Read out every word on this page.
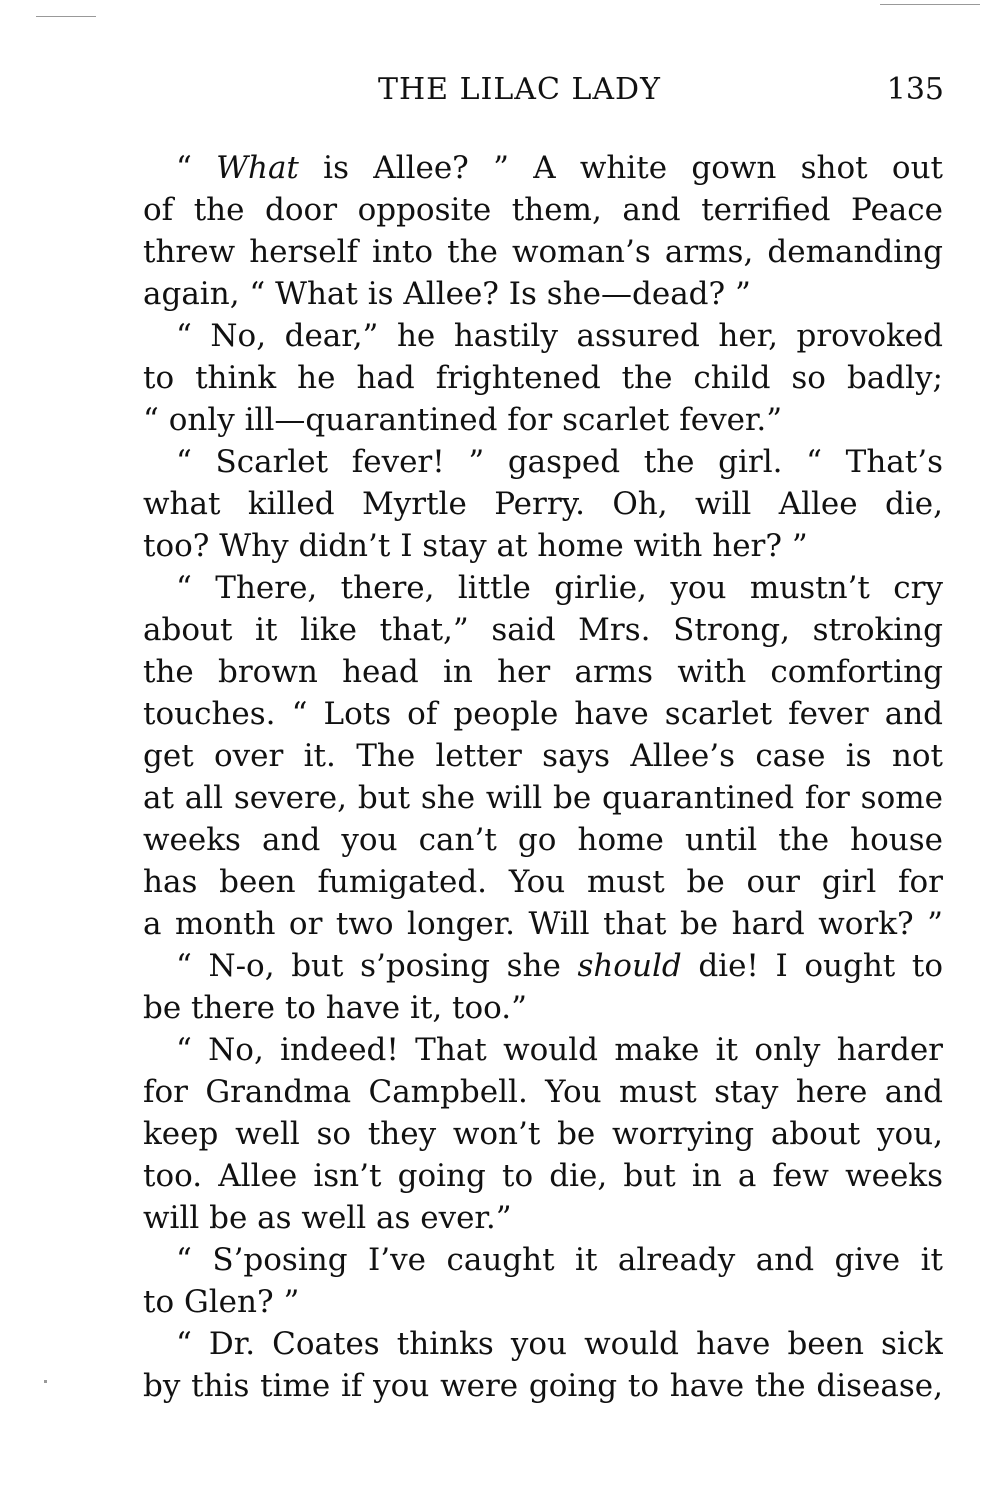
THE LILAC LADY	135
“ What is Allee? ” A white gown shot out
of the door opposite them, and terrified Peace
threw herself into the woman’s arms, demanding
again, “ What is Allee? Is she—dead? ”
“ No, dear,” he hastily assured her, provoked
to think he had frightened the child so badly;
“ only ill—quarantined for scarlet fever.”
“ Scarlet fever! ” gasped the girl. “ That’s
what killed Myrtle Perry. Oh, will Allee die,
too? Why didn’t I stay at home with her? ”
“ There, there, little girlie, you mustn’t cry
about it like that,” said Mrs. Strong, stroking
the brown head in her arms with comforting
touches. “ Lots of people have scarlet fever and
get over it. The letter says Allee’s case is not
at all severe, but she will be quarantined for some
weeks and you can’t go home until the house
has been fumigated. You must be our girl for
a month or two longer. Will that be hard work? ”
“ N-o, but s’posing she should die! I ought to
be there to have it, too.”
“ No, indeed! That would make it only harder
for Grandma Campbell. You must stay here and
keep well so they won’t be worrying about you,
too. Allee isn’t going to die, but in a few weeks
will be as well as ever.”
“ S’posing I’ve caught it already and give it
to Glen? ”
“ Dr. Coates thinks you would have been sick
by this time if you were going to have the disease,
